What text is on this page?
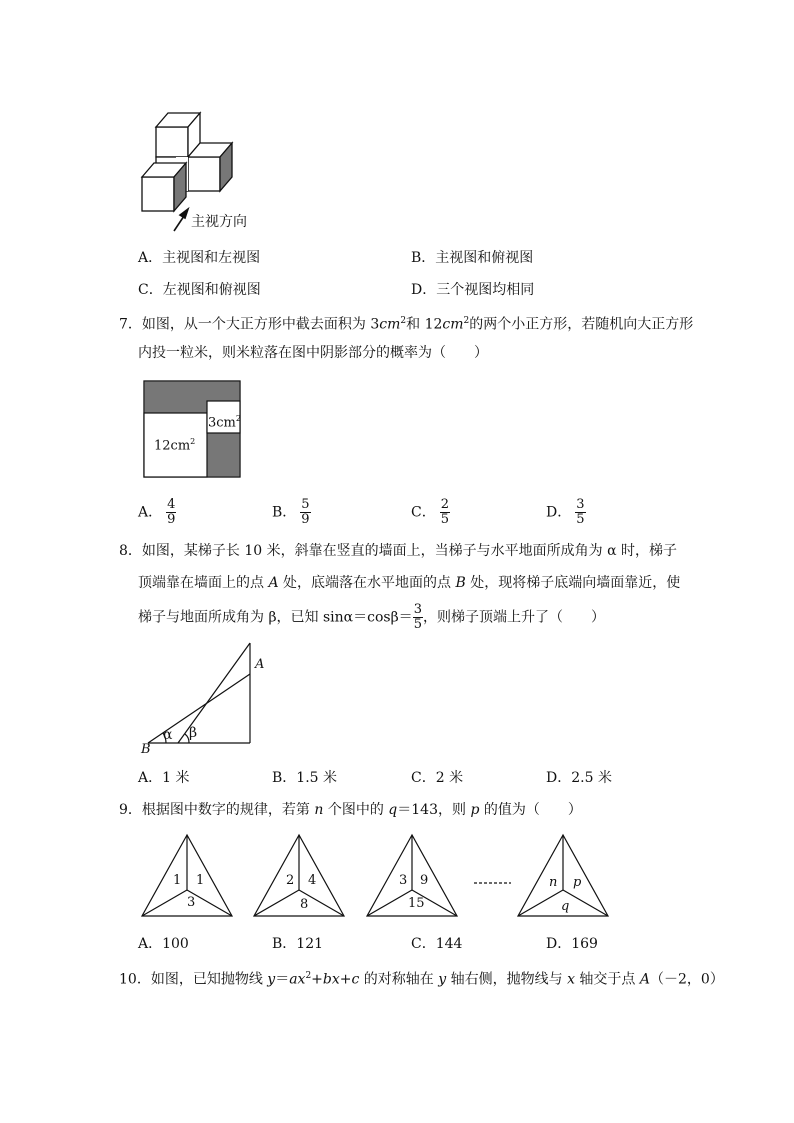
主视方向
A．主视图和左视图	B．主视图和俯视图
C．左视图和俯视图	D．三个视图均相同
7．如图，从一个大正方形中截去面积为 $3cm^2$和 $12cm^2$的两个小正方形，若随机向大正方形
内投一粒米，则米粒落在图中阴影部分的概率为（　　）
$3cm^2$
$12cm^2$
A． $\frac{4}{9}$	B． $\frac{5}{9}$	C． $\frac{2}{5}$	D． $\frac{3}{5}$
8．如图，某梯子长 10 米，斜靠在竖直的墙面上，当梯子与水平地面所成角为 α 时，梯子
顶端靠在墙面上的点 A 处，底端落在水平地面的点 B 处，现将梯子底端向墙面靠近，使
梯子与地面所成角为 β，已知 $\sin\alpha=\cos\beta= \frac{3}{5}$ ，则梯子顶端上升了（　　）
α β
A
B
A．1 米	B．1.5 米	C．2 米	D．2.5 米
9．根据图中数字的规律，若第 n 个图中的 q＝143，则 p 的值为（　　）
1 1
3
2 4
8
3 9
15
n p
q
A．100	B．121	C．144	D．169
10．如图，已知抛物线 $y=ax^2+bx+c$ 的对称轴在 y 轴右侧，抛物线与 x 轴交于点 A（－2，0）
